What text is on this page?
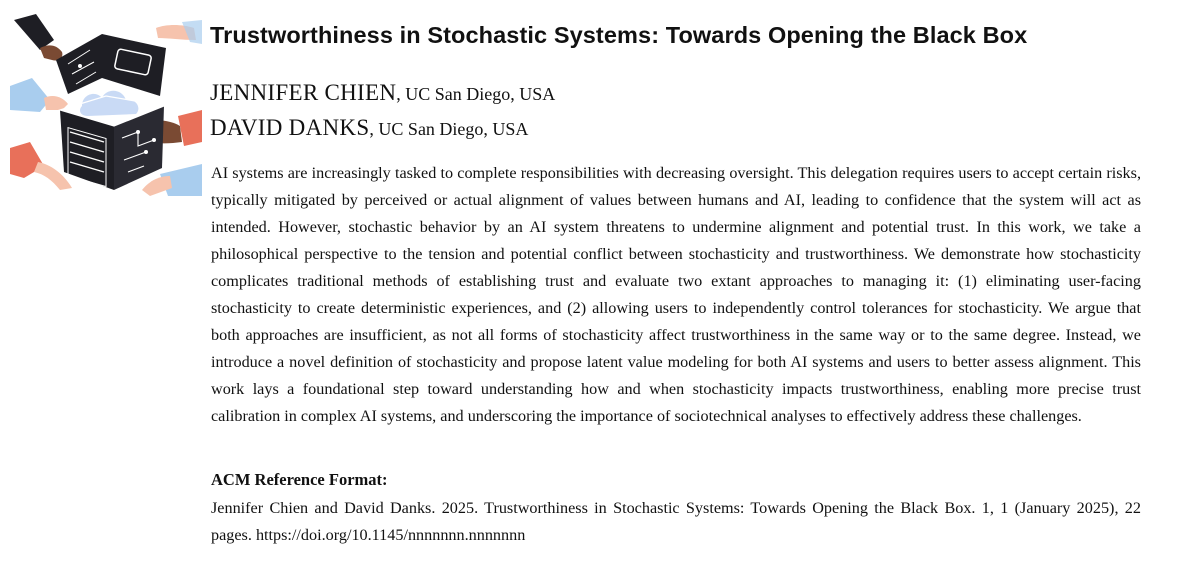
Trustworthiness in Stochastic Systems: Towards Opening the Black Box
JENNIFER CHIEN, UC San Diego, USA
DAVID DANKS, UC San Diego, USA

AI systems are increasingly tasked to complete responsibilities with decreasing oversight. This delegation requires users to accept certain risks, typically mitigated by perceived or actual alignment of values between humans and AI, leading to confidence that the system will act as intended. However, stochastic behavior by an AI system threatens to undermine alignment and potential trust. In this work, we take a philosophical perspective to the tension and potential conflict between stochasticity and trustworthiness. We demonstrate how stochasticity complicates traditional methods of establishing trust and evaluate two extant approaches to managing it: (1) eliminating user-facing stochasticity to create deterministic experiences, and (2) allowing users to independently control tolerances for stochasticity. We argue that both approaches are insufficient, as not all forms of stochasticity affect trustworthiness in the same way or to the same degree. Instead, we introduce a novel definition of stochasticity and propose latent value modeling for both AI systems and users to better assess alignment. This work lays a foundational step toward understanding how and when stochasticity impacts trustworthiness, enabling more precise trust calibration in complex AI systems, and underscoring the importance of sociotechnical analyses to effectively address these challenges.

ACM Reference Format:

Jennifer Chien and David Danks. 2025. Trustworthiness in Stochastic Systems: Towards Opening the Black Box. 1, 1 (January 2025), 22 pages. https://doi.org/10.1145/nnnnnnn.nnnnnnn
